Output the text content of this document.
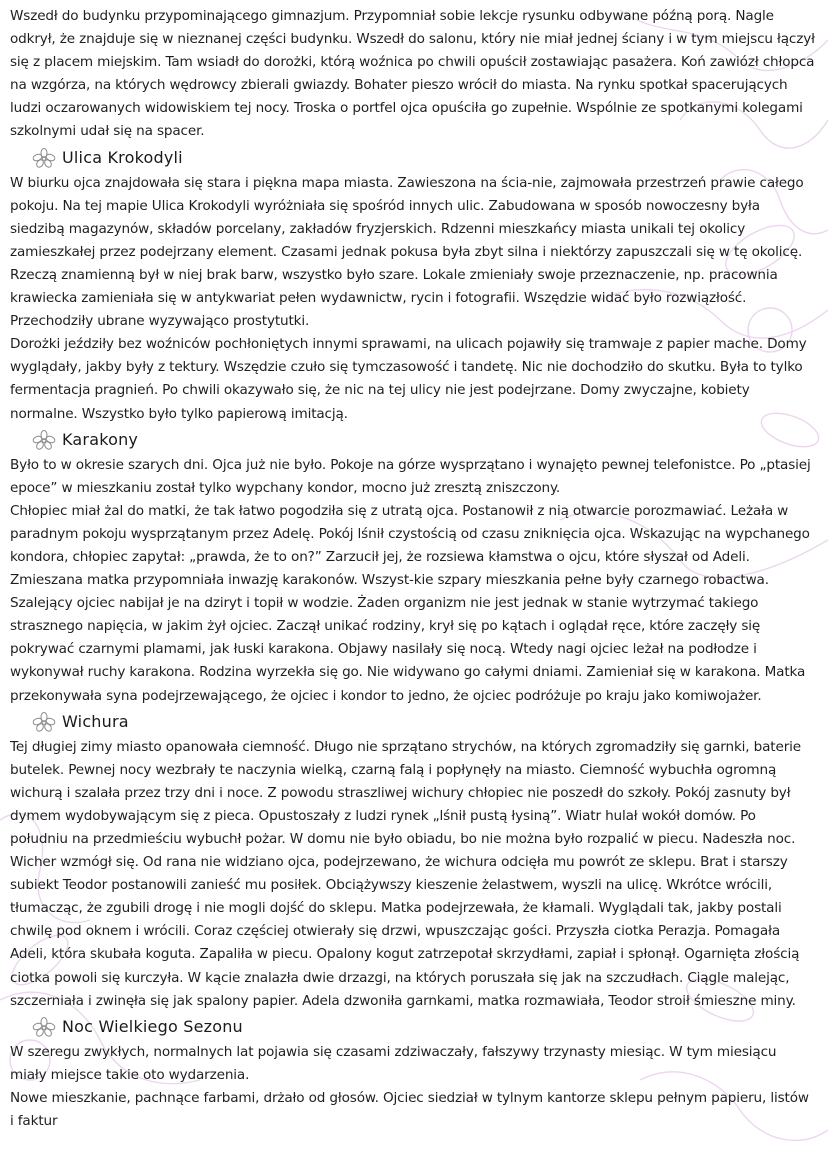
Wszedł do budynku przypominającego gimnazjum. Przypomniał sobie lekcje rysunku odbywane późną porą. Nagle odkrył, że znajduje się w nieznanej części budynku. Wszedł do salonu, który nie miał jednej ściany i w tym miejscu łączył się z placem miejskim. Tam wsiadł do dorożki, którą woźnica po chwili opuścił zostawiając pasażera. Koń zawiózł chłopca na wzgórza, na których wędrowcy zbierali gwiazdy. Bohater pieszo wrócił do miasta. Na rynku spotkał spacerujących ludzi oczarowanych widowiskiem tej nocy. Troska o portfel ojca opuściła go zupełnie. Wspólnie ze spotkanymi kolegami szkolnymi udał się na spacer.

Ulica Krokodyli

W biurku ojca znajdowała się stara i piękna mapa miasta. Zawieszona na ścia-nie, zajmowała przestrzeń prawie całego pokoju. Na tej mapie Ulica Krokodyli wyróżniała się spośród innych ulic. Zabudowana w sposób nowoczesny była siedzibą magazynów, składów porcelany, zakładów fryzjerskich. Rdzenni mieszkańcy miasta unikali tej okolicy zamieszkałej przez podejrzany element. Czasami jednak pokusa była zbyt silna i niektórzy zapuszczali się w tę okolicę. Rzeczą znamienną był w niej brak barw, wszystko było szare. Lokale zmieniały swoje przeznaczenie, np. pracownia krawiecka zamieniała się w antykwariat pełen wydawnictw, rycin i fotografii. Wszędzie widać było rozwiązłość. Przechodziły ubrane wyzywająco prostytutki.

Dorożki jeździły bez woźniców pochłoniętych innymi sprawami, na ulicach pojawiły się tramwaje z papier mache. Domy wyglądały, jakby były z tektury. Wszędzie czuło się tymczasowość i tandetę. Nic nie dochodziło do skutku. Była to tylko fermentacja pragnień. Po chwili okazywało się, że nic na tej ulicy nie jest podejrzane. Domy zwyczajne, kobiety normalne. Wszystko było tylko papierową imitacją.

Karakony

Było to w okresie szarych dni. Ojca już nie było. Pokoje na górze wysprzątano i wynajęto pewnej telefonistce. Po „ptasiej epoce” w mieszkaniu został tylko wypchany kondor, mocno już zresztą zniszczony.

Chłopiec miał żal do matki, że tak łatwo pogodziła się z utratą ojca. Postanowił z nią otwarcie porozmawiać. Leżała w paradnym pokoju wysprzątanym przez Adelę. Pokój lśnił czystością od czasu zniknięcia ojca. Wskazując na wypchanego kondora, chłopiec zapytał: „prawda, że to on?” Zarzucił jej, że rozsiewa kłamstwa o ojcu, które słyszał od Adeli. Zmieszana matka przypomniała inwazję karakonów. Wszyst-kie szpary mieszkania pełne były czarnego robactwa. Szalejący ojciec nabijał je na dziryt i topił w wodzie. Żaden organizm nie jest jednak w stanie wytrzymać takiego strasznego napięcia, w jakim żył ojciec. Zaczął unikać rodziny, krył się po kątach i oglądał ręce, które zaczęły się pokrywać czarnymi plamami, jak łuski karakona. Objawy nasilały się nocą. Wtedy nagi ojciec leżał na podłodze i wykonywał ruchy karakona. Rodzina wyrzekła się go. Nie widywano go całymi dniami. Zamieniał się w karakona. Matka przekonywała syna podejrzewającego, że ojciec i kondor to jedno, że ojciec podróżuje po kraju jako komiwojażer.

Wichura

Tej długiej zimy miasto opanowała ciemność. Długo nie sprzątano strychów, na których zgromadziły się garnki, baterie butelek. Pewnej nocy wezbrały te naczynia wielką, czarną falą i popłynęły na miasto. Ciemność wybuchła ogromną wichurą i szalała przez trzy dni i noce. Z powodu straszliwej wichury chłopiec nie poszedł do szkoły. Pokój zasnuty był dymem wydobywającym się z pieca. Opustoszały z ludzi rynek „lśnił pustą łysiną”. Wiatr hulał wokół domów. Po południu na przedmieściu wybuchł pożar. W domu nie było obiadu, bo nie można było rozpalić w piecu. Nadeszła noc. Wicher wzmógł się. Od rana nie widziano ojca, podejrzewano, że wichura odcięła mu powrót ze sklepu. Brat i starszy subiekt Teodor postanowili zanieść mu posiłek. Obciążywszy kieszenie żelastwem, wyszli na ulicę. Wkrótce wrócili, tłumacząc, że zgubili drogę i nie mogli dojść do sklepu. Matka podejrzewała, że kłamali. Wyglądali tak, jakby postali chwilę pod oknem i wrócili. Coraz częściej otwierały się drzwi, wpuszczając gości. Przyszła ciotka Perazja. Pomagała Adeli, która skubała koguta. Zapaliła w piecu. Opalony kogut zatrzepotał skrzydłami, zapiał i spłonął. Ogarnięta złością ciotka powoli się kurczyła. W kącie znalazła dwie drzazgi, na których poruszała się jak na szczudłach. Ciągle malejąc, szczerniała i zwinęła się jak spalony papier. Adela dzwoniła garnkami, matka rozmawiała, Teodor stroił śmieszne miny.

Noc Wielkiego Sezonu

W szeregu zwykłych, normalnych lat pojawia się czasami zdziwaczały, fałszywy trzynasty miesiąc. W tym miesiącu miały miejsce takie oto wydarzenia.

Nowe mieszkanie, pachnące farbami, drżało od głosów. Ojciec siedział w tylnym kantorze sklepu pełnym papieru, listów i faktur
